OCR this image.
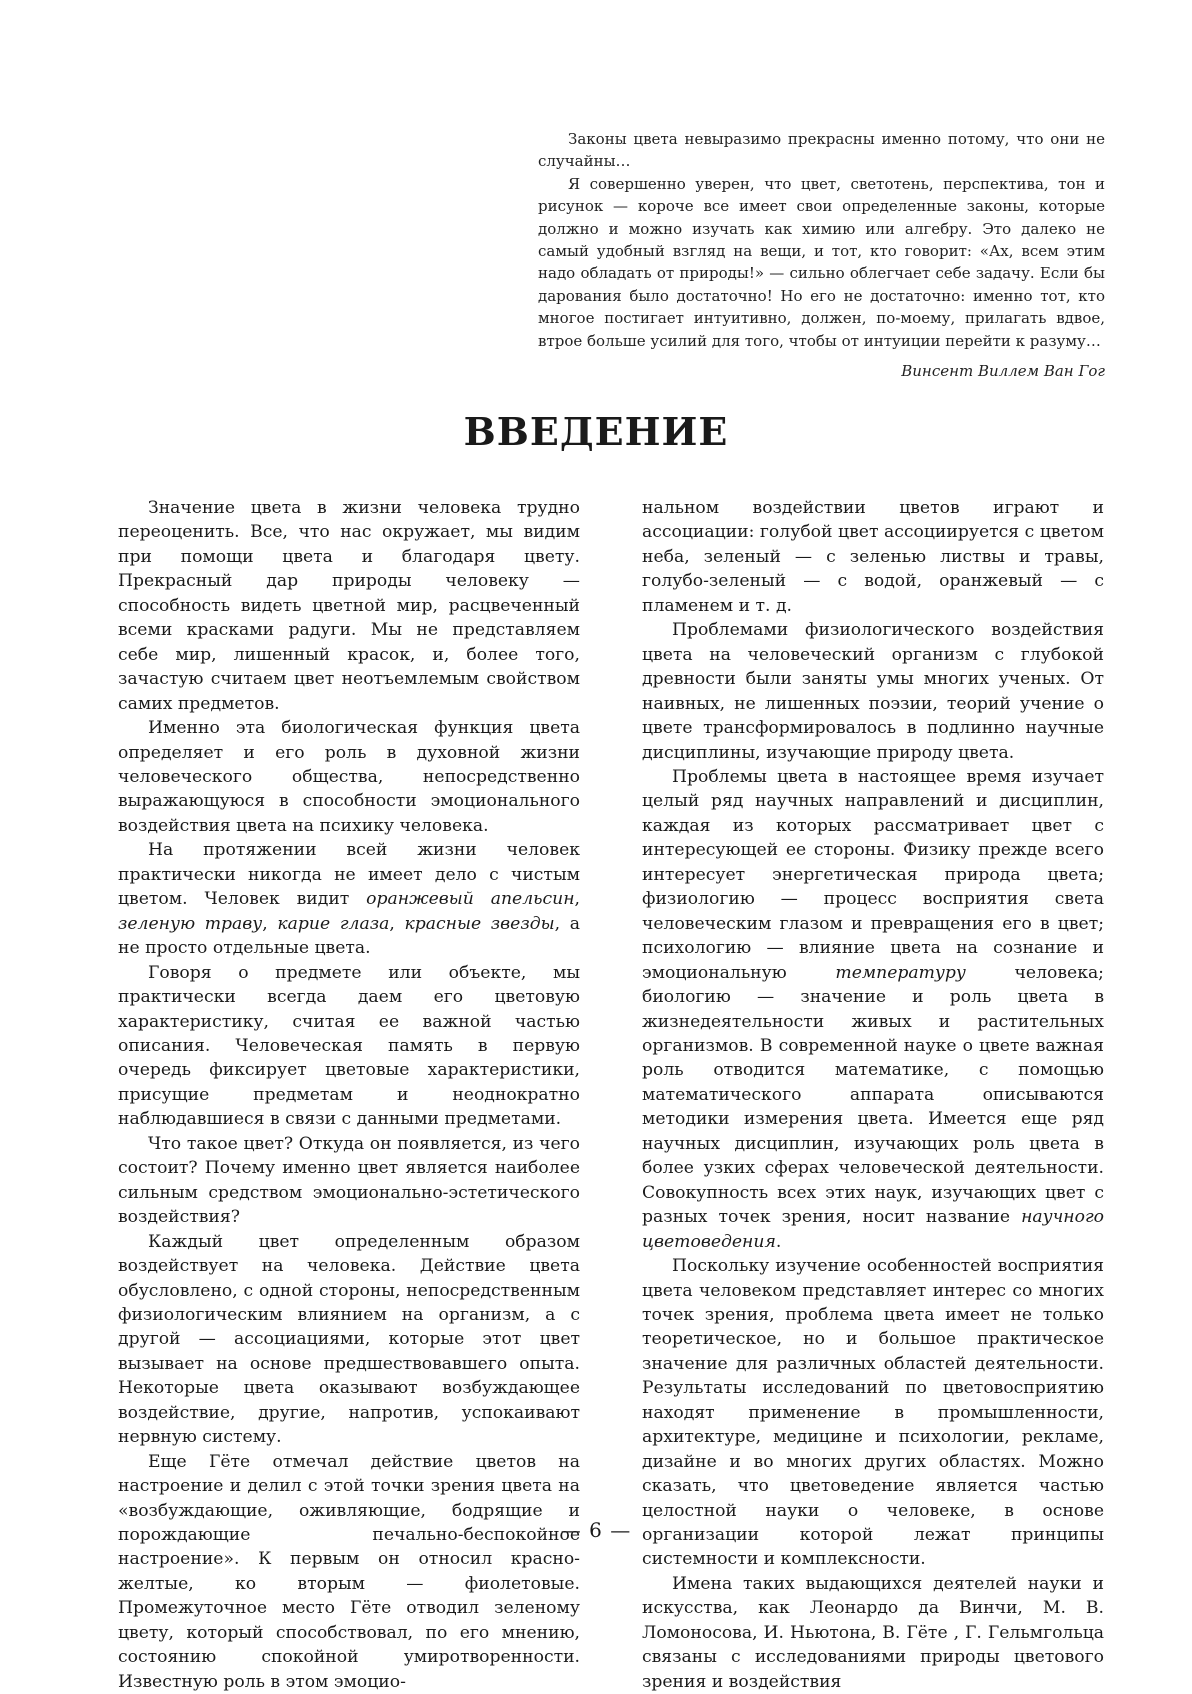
Законы цвета невыразимо прекрасны именно потому, что они не случайны…

Я совершенно уверен, что цвет, светотень, перспектива, тон и рисунок — короче все имеет свои определенные законы, которые должно и можно изучать как химию или алгебру. Это далеко не самый удобный взгляд на вещи, и тот, кто говорит: «Ах, всем этим надо обладать от природы!» — сильно облегчает себе задачу. Если бы дарования было достаточно! Но его не достаточно: именно тот, кто многое постигает интуитивно, должен, по-моему, прилагать вдвое, втрое больше усилий для того, чтобы от интуиции перейти к разуму…

Винсент Виллем Ван Гог

ВВЕДЕНИЕ

Значение цвета в жизни человека трудно переоценить. Все, что нас окружает, мы видим при помощи цвета и благодаря цвету. Прекрасный дар природы человеку — способность видеть цветной мир, расцвеченный всеми красками радуги. Мы не представляем себе мир, лишенный красок, и, более того, зачастую считаем цвет неотъемлемым свойством самих предметов.

Именно эта биологическая функция цвета определяет и его роль в духовной жизни человеческого общества, непосредственно выражающуюся в способности эмоционального воздействия цвета на психику человека.

На протяжении всей жизни человек практически никогда не имеет дело с чистым цветом. Человек видит оранжевый апельсин, зеленую траву, карие глаза, красные звезды, а не просто отдельные цвета.

Говоря о предмете или объекте, мы практически всегда даем его цветовую характеристику, считая ее важной частью описания. Человеческая память в первую очередь фиксирует цветовые характеристики, присущие предметам и неоднократно наблюдавшиеся в связи с данными предметами.

Что такое цвет? Откуда он появляется, из чего состоит? Почему именно цвет является наиболее сильным средством эмоционально-эстетического воздействия?

Каждый цвет определенным образом воздействует на человека. Действие цвета обусловлено, с одной стороны, непосредственным физиологическим влиянием на организм, а с другой — ассоциациями, которые этот цвет вызывает на основе предшествовавшего опыта. Некоторые цвета оказывают возбуждающее воздействие, другие, напротив, успокаивают нервную систему.

Еще Гёте отмечал действие цветов на настроение и делил с этой точки зрения цвета на «возбуждающие, оживляющие, бодрящие и порождающие печально-беспокойное настроение». К первым он относил красно-желтые, ко вторым — фиолетовые. Промежуточное место Гёте отводил зеленому цвету, который способствовал, по его мнению, состоянию спокойной умиротворенности. Известную роль в этом эмоцио-

нальном воздействии цветов играют и ассоциации: голубой цвет ассоциируется с цветом неба, зеленый — с зеленью листвы и травы, голубо-зеленый — с водой, оранжевый — с пламенем и т. д.

Проблемами физиологического воздействия цвета на человеческий организм с глубокой древности были заняты умы многих ученых. От наивных, не лишенных поэзии, теорий учение о цвете трансформировалось в подлинно научные дисциплины, изучающие природу цвета.

Проблемы цвета в настоящее время изучает целый ряд научных направлений и дисциплин, каждая из которых рассматривает цвет с интересующей ее стороны. Физику прежде всего интересует энергетическая природа цвета; физиологию — процесс восприятия света человеческим глазом и превращения его в цвет; психологию — влияние цвета на сознание и эмоциональную температуру человека; биологию — значение и роль цвета в жизнедеятельности живых и растительных организмов. В современной науке о цвете важная роль отводится математике, с помощью математического аппарата описываются методики измерения цвета. Имеется еще ряд научных дисциплин, изучающих роль цвета в более узких сферах человеческой деятельности. Совокупность всех этих наук, изучающих цвет с разных точек зрения, носит название научного цветоведения.

Поскольку изучение особенностей восприятия цвета человеком представляет интерес со многих точек зрения, проблема цвета имеет не только теоретическое, но и большое практическое значение для различных областей деятельности. Результаты исследований по цветовосприятию находят применение в промышленности, архитектуре, медицине и психологии, рекламе, дизайне и во многих других областях. Можно сказать, что цветоведение является частью целостной науки о человеке, в основе организации которой лежат принципы системности и комплексности.

Имена таких выдающихся деятелей науки и искусства, как Леонардо да Винчи, М. В. Ломоносова, И. Ньютона, В. Гёте , Г. Гельмгольца связаны с исследованиями природы цветового зрения и воздействия

— 6 —
